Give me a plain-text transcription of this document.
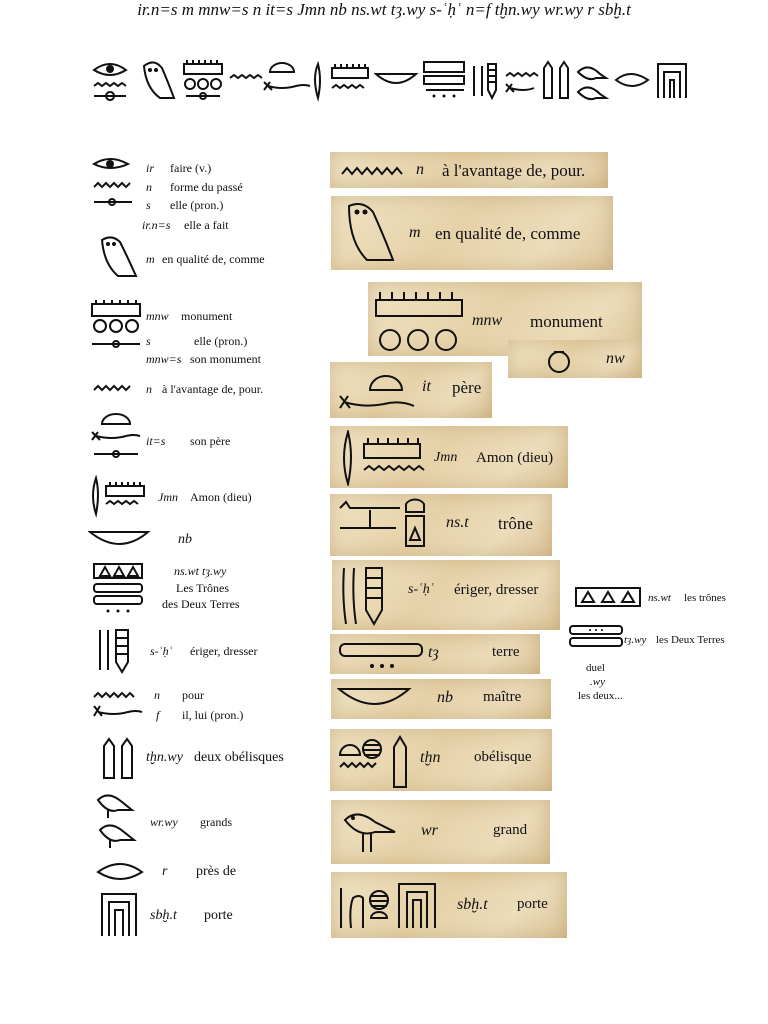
ir.n=s m mnw=s n it=s Jmn nb ns.wt tȝ.wy s-ʿḥʿ n=f tḫn.wy wr.wy r sbḫ.t
ir faire (v.)
n forme du passé
s elle (pron.)
ir.n=s elle a fait
m en qualité de, comme
mnw monument
s	elle (pron.)
mnw=s son monument
n à l'avantage de, pour.
it=s son père
Jmn Amon (dieu)
nb
ns.wt tȝ.wy
Les Trônes
des Deux Terres
s-ʿḥʿ ériger, dresser
n pour
f il, lui (pron.)
tḫn.wy deux obélisques
wr.wy grands
r près de
sbḫ.t porte
n à l'avantage de, pour.
m en qualité de, comme
mnw monument
nw
it père
Jmn Amon (dieu)
ns.t trône
s-ʿḥʿ ériger, dresser
tȝ	terre
nb maître
tḫn obélisque
wr	grand
sbḫ.t porte
ns.wt les trônes
tȝ.wy les Deux Terres
duel
.wy
les deux...
